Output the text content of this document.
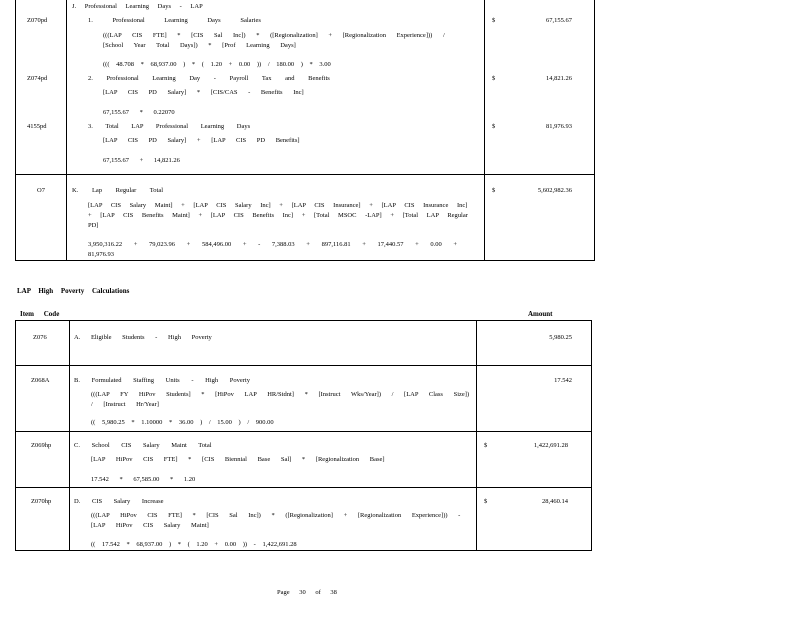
J. Professional Learning Days - LAP
Z070pd	1. Professional Learning Days Salaries
(((LAP CIS FTE] * [CIS Sal Inc]) * ([Regionalization] + [Regionalization Experience])) / [School Year Total Days]) * [Prof Learning Days]
((( 48.708 * 68,937.00 ) * ( 1.20 + 0.00 )) / 180.00 ) * 3.00
$	67,155.67
Z074pd	2. Professional Learning Day - Payroll Tax and Benefits
[LAP CIS PD Salary] * [CIS/CAS - Benefits Inc]
67,155.67 * 0.22070
$	14,821.26
4155pd	3. Total LAP Professional Learning Days
[LAP CIS PD Salary] + [LAP CIS PD Benefits]
67,155.67 + 14,821.26
$	81,976.93
O7	K. Lap Regular Total
[LAP CIS Salary Maint] + [LAP CIS Salary Inc] + [LAP CIS Insurance] + [LAP CIS Insurance Inc] + [LAP CIS Benefits Maint] + [LAP CIS Benefits Inc] + [Total MSOC -LAP] + [Total LAP Regular PD]
3,950,316.22 + 79,023.96 + 584,496.00 + - 7,388.03 + 897,116.81 + 17,440.57 + 0.00 + 81,976.93
$	5,602,982.36
LAP High Poverty Calculations
Item Code	Amount
Z076	A. Eligible Students - High Poverty	5,980.25
Z068A	B. Formulated Staffing Units - High Poverty
(((LAP FY HiPov Students] * [HiPov LAP HR/Stdnt] * [Instruct Wks/Year]) / [LAP Class Size]) / [Instruct Hr/Year]
(( 5,980.25 * 1.10000 * 36.00 ) / 15.00 ) / 900.00
17.542
Z069hp	C. School CIS Salary Maint Total
[LAP HiPov CIS FTE] * [CIS Biennial Base Sal] * [Regionalization Base]
17.542 * 67,585.00 * 1.20
$	1,422,691.28
Z070hp	D. CIS Salary Increase
(((LAP HiPov CIS FTE] * [CIS Sal Inc]) * ([Regionalization] + [Regionalization Experience])) - [LAP HiPov CIS Salary Maint]
(( 17.542 * 68,937.00 ) * ( 1.20 + 0.00 )) - 1,422,691.28
$	28,460.14
Page 30 of 38
